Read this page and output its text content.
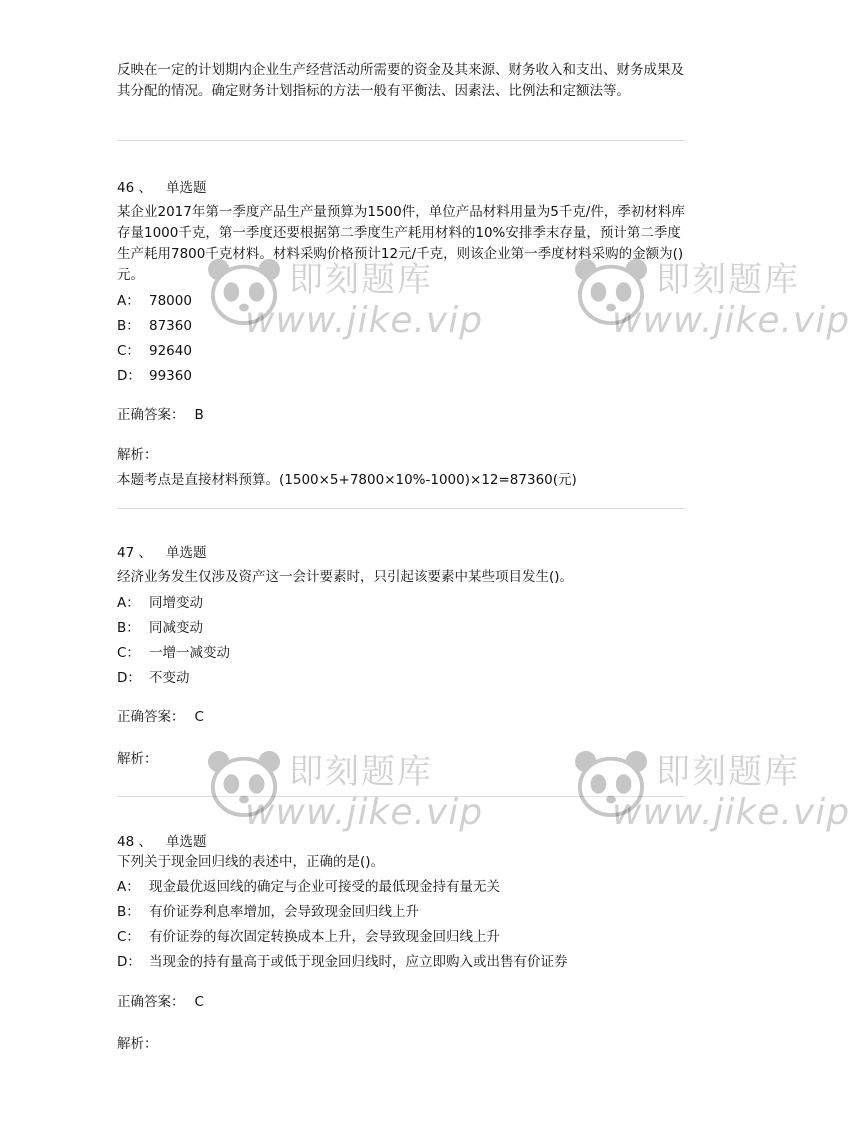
反映在一定的计划期内企业生产经营活动所需要的资金及其来源、财务收入和支出、财务成果及其分配的情况。确定财务计划指标的方法一般有平衡法、因素法、比例法和定额法等。

46 、 单选题

某企业2017年第一季度产品生产量预算为1500件，单位产品材料用量为5千克/件，季初材料库存量1000千克，第一季度还要根据第二季度生产耗用材料的10%安排季末存量，预计第二季度生产耗用7800千克材料。材料采购价格预计12元/千克，则该企业第一季度材料采购的金额为()元。

A： 78000
B： 87360
C： 92640
D： 99360
正确答案： B
解析：
本题考点是直接材料预算。(1500×5+7800×10%-1000)×12=87360(元)
47 、 单选题

经济业务发生仅涉及资产这一会计要素时，只引起该要素中某些项目发生()。

A： 同增变动
B： 同减变动
C： 一增一减变动
D： 不变动
正确答案： C
解析：
48 、 单选题

下列关于现金回归线的表述中，正确的是()。

A： 现金最优返回线的确定与企业可接受的最低现金持有量无关
B： 有价证券利息率增加，会导致现金回归线上升
C： 有价证券的每次固定转换成本上升，会导致现金回归线上升
D： 当现金的持有量高于或低于现金回归线时，应立即购入或出售有价证券
正确答案： C
解析：
即刻题库
www.jike.vip
即刻题库
www.jike.vip
即刻题库
www.jike.vip
即刻题库
www.jike.vip
